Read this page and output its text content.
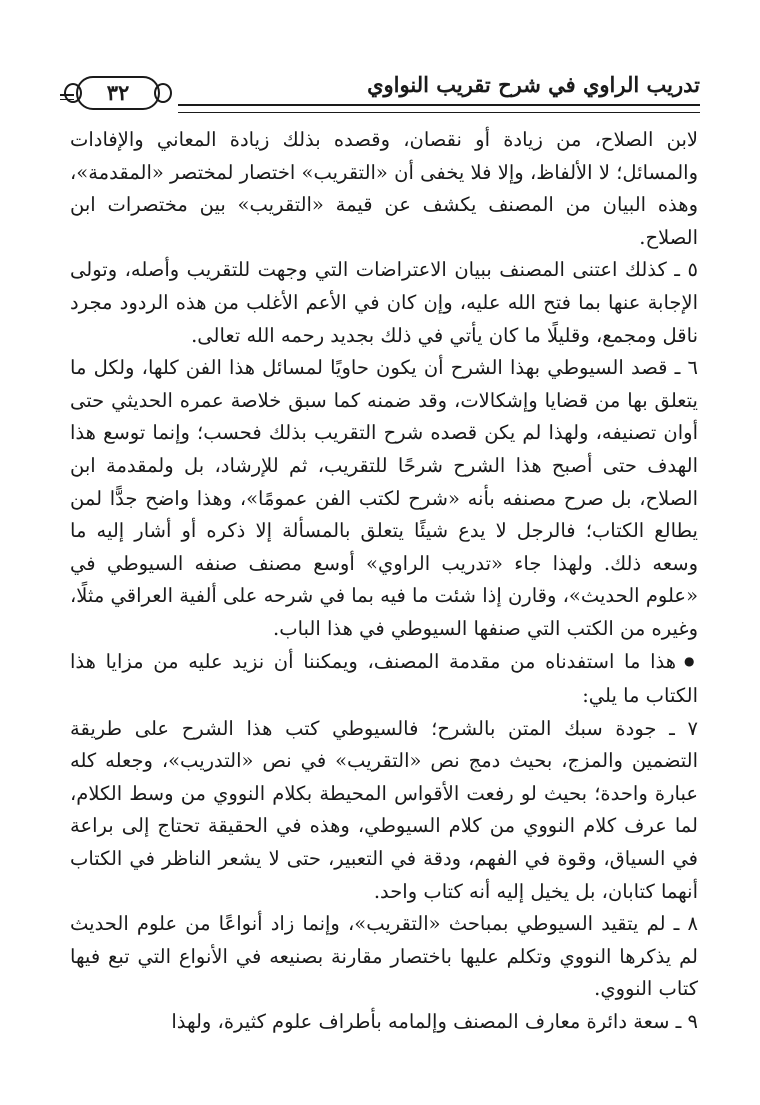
تدريب الراوي في شرح تقريب النواوي
٣٢

لابن الصلاح، من زيادة أو نقصان، وقصده بذلك زيادة المعاني والإفادات والمسائل؛ لا الألفاظ، وإلا فلا يخفى أن «التقريب» اختصار لمختصر «المقدمة»، وهذه البيان من المصنف يكشف عن قيمة «التقريب» بين مختصرات ابن الصلاح.

٥ ـ كذلك اعتنى المصنف ببيان الاعتراضات التي وجهت للتقريب وأصله، وتولى الإجابة عنها بما فتح الله عليه، وإن كان في الأعم الأغلب من هذه الردود مجرد ناقل ومجمع، وقليلًا ما كان يأتي في ذلك بجديد رحمه الله تعالى.

٦ ـ قصد السيوطي بهذا الشرح أن يكون حاويًا لمسائل هذا الفن كلها، ولكل ما يتعلق بها من قضايا وإشكالات، وقد ضمنه كما سبق خلاصة عمره الحديثي حتى أوان تصنيفه، ولهذا لم يكن قصده شرح التقريب بذلك فحسب؛ وإنما توسع هذا الهدف حتى أصبح هذا الشرح شرحًا للتقريب، ثم للإرشاد، بل ولمقدمة ابن الصلاح، بل صرح مصنفه بأنه «شرح لكتب الفن عمومًا»، وهذا واضح جدًّا لمن يطالع الكتاب؛ فالرجل لا يدع شيئًا يتعلق بالمسألة إلا ذكره أو أشار إليه ما وسعه ذلك. ولهذا جاء «تدريب الراوي» أوسع مصنف صنفه السيوطي في «علوم الحديث»، وقارن إذا شئت ما فيه بما في شرحه على ألفية العراقي مثلًا، وغيره من الكتب التي صنفها السيوطي في هذا الباب.

●هذا ما استفدناه من مقدمة المصنف، ويمكننا أن نزيد عليه من مزايا هذا الكتاب ما يلي:

٧ ـ جودة سبك المتن بالشرح؛ فالسيوطي كتب هذا الشرح على طريقة التضمين والمزج، بحيث دمج نص «التقريب» في نص «التدريب»، وجعله كله عبارة واحدة؛ بحيث لو رفعت الأقواس المحيطة بكلام النووي من وسط الكلام، لما عرف كلام النووي من كلام السيوطي، وهذه في الحقيقة تحتاج إلى براعة في السياق، وقوة في الفهم، ودقة في التعبير، حتى لا يشعر الناظر في الكتاب أنهما كتابان، بل يخيل إليه أنه كتاب واحد.

٨ ـ لم يتقيد السيوطي بمباحث «التقريب»، وإنما زاد أنواعًا من علوم الحديث لم يذكرها النووي وتكلم عليها باختصار مقارنة بصنيعه في الأنواع التي تبع فيها كتاب النووي.

٩ ـ سعة دائرة معارف المصنف وإلمامه بأطراف علوم كثيرة، ولهذا
